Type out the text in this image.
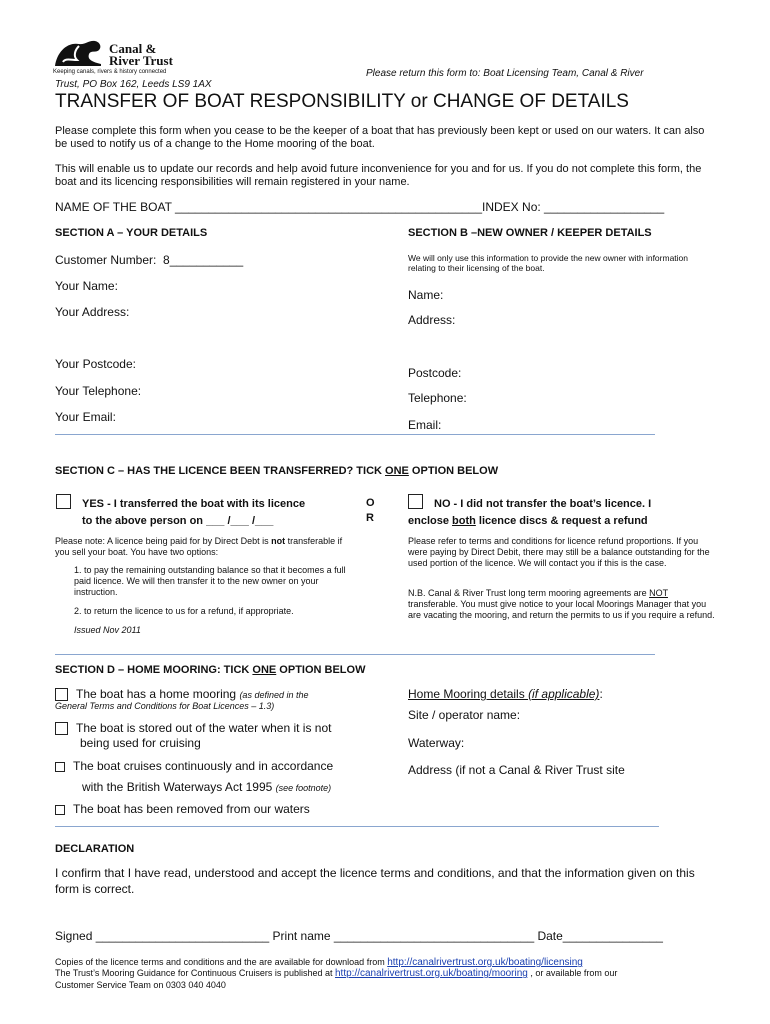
Canal &
River Trust
Keeping canals, rivers & history connected	Please return this form to: Boat Licensing Team, Canal & River
Trust, PO Box 162, Leeds LS9 1AX
TRANSFER OF BOAT RESPONSIBILITY or CHANGE OF DETAILS
Please complete this form when you cease to be the keeper of a boat that has previously been kept or used on our waters. It can also be used to notify us of a change to the Home mooring of the boat.
This will enable us to update our records and help avoid future inconvenience for you and for us. If you do not complete this form, the boat and its licencing responsibilities will remain registered in your name.
NAME OF THE BOAT ______________________________________________INDEX No: __________________
SECTION A – YOUR DETAILS
Customer Number:  8___________
Your Name:
Your Address:
Your Postcode:
Your Telephone:
Your Email:
SECTION B –NEW OWNER / KEEPER DETAILS
We will only use this information to provide the new owner with information relating to their licensing of the boat.
Name:
Address:
Postcode:
Telephone:
Email:
SECTION C – HAS THE LICENCE BEEN TRANSFERRED? TICK ONE OPTION BELOW
YES - I transferred the boat with its licence
to the above person on ___ /___ /___
O
R
NO - I did not transfer the boat’s licence. I
enclose both licence discs & request a refund
Please note: A licence being paid for by Direct Debt is not transferable if you sell your boat. You have two options:
1. to pay the remaining outstanding balance so that it becomes a full paid licence. We will then transfer it to the new owner on your instruction.
2. to return the licence to us for a refund, if appropriate.
Issued Nov 2011
Please refer to terms and conditions for licence refund proportions. If you were paying by Direct Debit, there may still be a balance outstanding for the used portion of the licence. We will contact you if this is the case.
N.B. Canal & River Trust long term mooring agreements are NOT transferable. You must give notice to your local Moorings Manager that you are vacating the mooring, and return the permits to us if you require a refund.
SECTION D – HOME MOORING: TICK ONE OPTION BELOW
The boat has a home mooring (as defined in the
General Terms and Conditions for Boat Licences – 1.3)
The boat is stored out of the water when it is not
being used for cruising
The boat cruises continuously and in accordance
with the British Waterways Act 1995 (see footnote)
The boat has been removed from our waters
Home Mooring details (if applicable):
Site / operator name:
Waterway:
Address (if not a Canal & River Trust site
DECLARATION
I confirm that I have read, understood and accept the licence terms and conditions, and that the information given on this form is correct.
Signed __________________________ Print name ______________________________ Date_______________
Copies of the licence terms and conditions and the are available for download from http://canalrivertrust.org.uk/boating/licensing
The Trust’s Mooring Guidance for Continuous Cruisers is published at http://canalrivertrust.org.uk/boating/mooring , or available from our
Customer Service Team on 0303 040 4040
